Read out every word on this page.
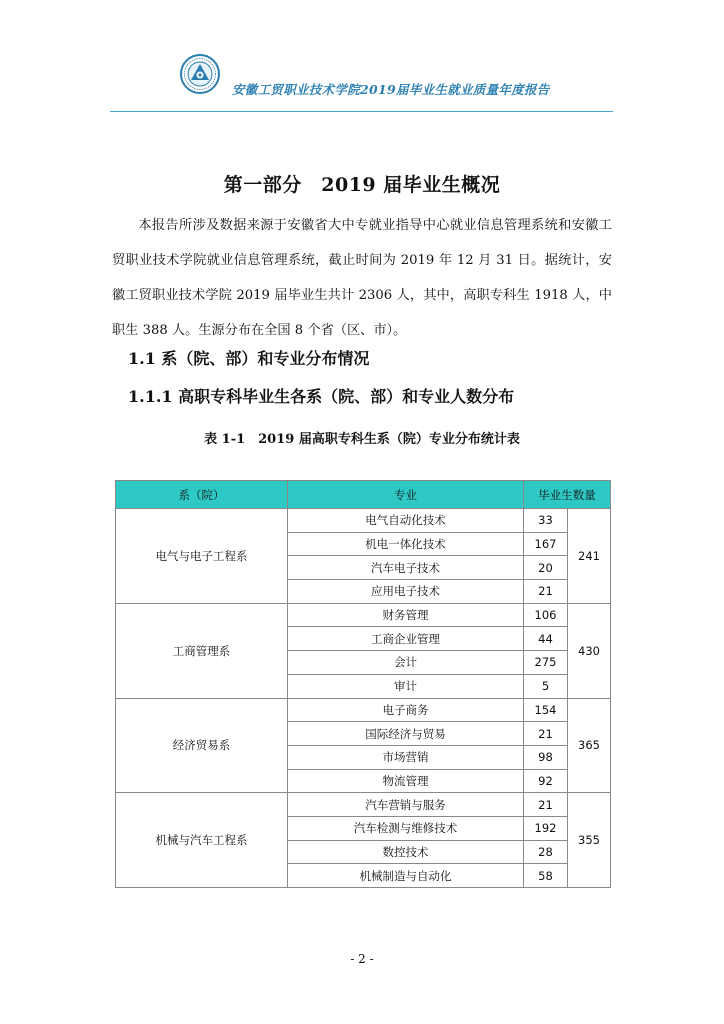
安徽工贸职业技术学院2019届毕业生就业质量年度报告
第一部分　2019 届毕业生概况

本报告所涉及数据来源于安徽省大中专就业指导中心就业信息管理系统和安徽工贸职业技术学院就业信息管理系统，截止时间为 2019 年 12 月 31 日。据统计，安徽工贸职业技术学院 2019 届毕业生共计 2306 人，其中，高职专科生 1918 人，中职生 388 人。生源分布在全国 8 个省（区、市）。

1.1 系（院、部）和专业分布情况
1.1.1 高职专科毕业生各系（院、部）和专业人数分布
表 1-1　2019 届高职专科生系（院）专业分布统计表
系（院）	专业	毕业生数量	
电气与电子工程系	电气自动化技术	33	241
	机电一体化技术	167	
	汽车电子技术	20	
	应用电子技术	21	
工商管理系	财务管理	106	430
	工商企业管理	44	
	会计	275	
	审计	5	
经济贸易系	电子商务	154	365
	国际经济与贸易	21	
	市场营销	98	
	物流管理	92	
机械与汽车工程系	汽车营销与服务	21	355
	汽车检测与维修技术	192	
	数控技术	28	
	机械制造与自动化	58	
- 2 -
